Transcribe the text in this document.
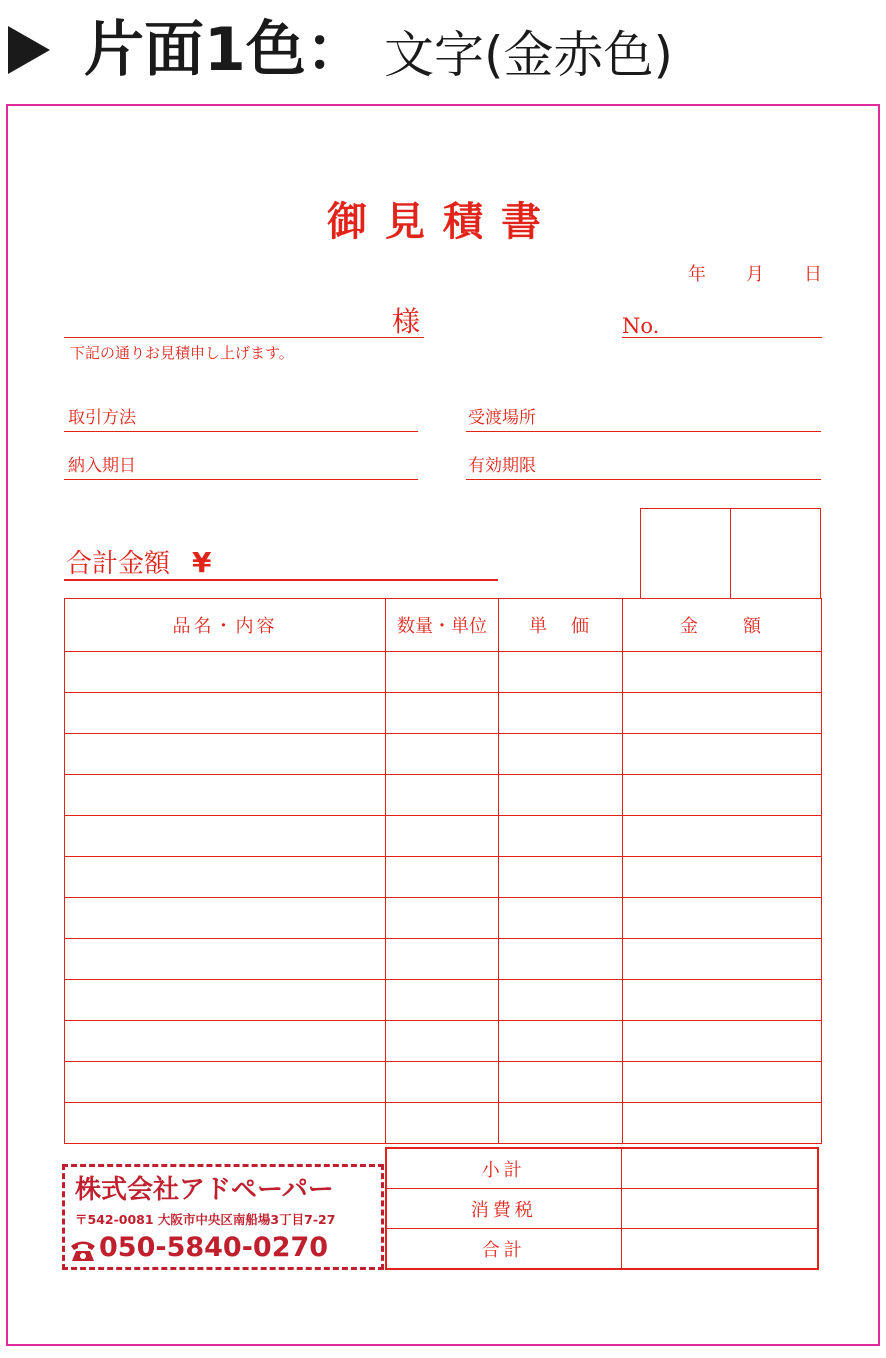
片面1色： 文字(金赤色)
御見積書
年 月 日
様	No.
下記の通りお見積申し上げます。
取引方法	受渡場所
納入期日	有効期限
合計金額 ¥
品名・内容	数量・単位	単　価	金　　額

小計	
消費税	
合計	
株式会社アドペーパー
〒542-0081 大阪市中央区南船場3丁目7-27
050-5840-0270
